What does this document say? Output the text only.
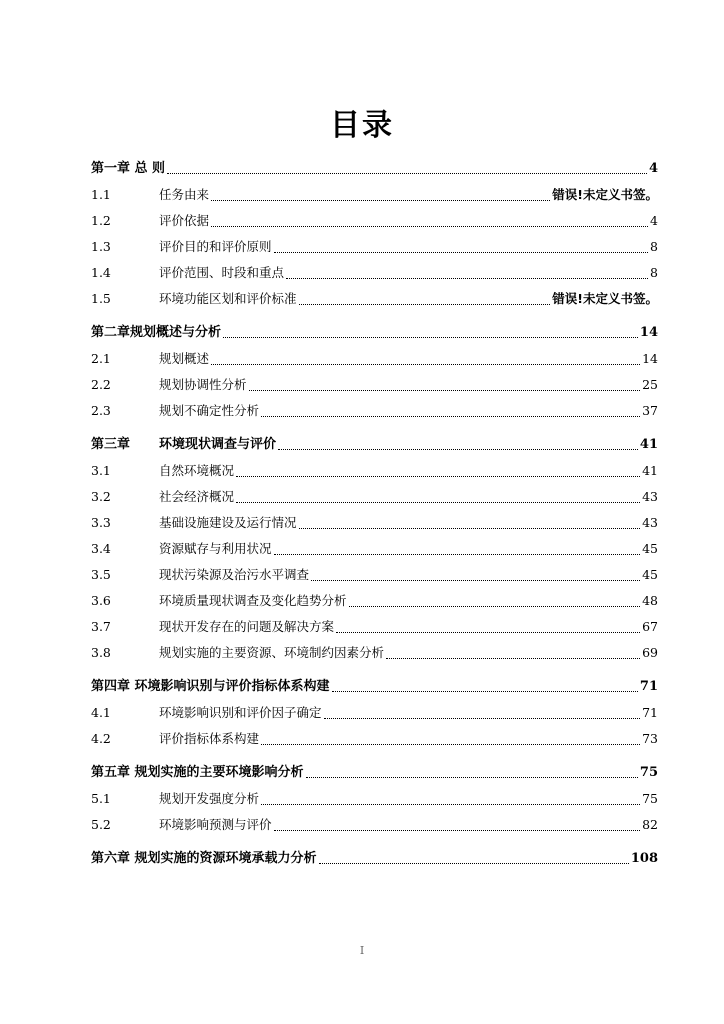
目录
第一章 总 则	4
1.1	任务由来	错误!未定义书签。
1.2	评价依据	4
1.3	评价目的和评价原则	8
1.4	评价范围、时段和重点	8
1.5	环境功能区划和评价标准	错误!未定义书签。
第二章规划概述与分析	14
2.1	规划概述	14
2.2	规划协调性分析	25
2.3	规划不确定性分析	37
第三章	环境现状调查与评价	41
3.1	自然环境概况	41
3.2	社会经济概况	43
3.3	基础设施建设及运行情况	43
3.4	资源赋存与利用状况	45
3.5	现状污染源及治污水平调查	45
3.6	环境质量现状调查及变化趋势分析	48
3.7	现状开发存在的问题及解决方案	67
3.8	规划实施的主要资源、环境制约因素分析	69
第四章 环境影响识别与评价指标体系构建	71
4.1	环境影响识别和评价因子确定	71
4.2	评价指标体系构建	73
第五章 规划实施的主要环境影响分析	75
5.1	规划开发强度分析	75
5.2	环境影响预测与评价	82
第六章 规划实施的资源环境承载力分析	108
I
